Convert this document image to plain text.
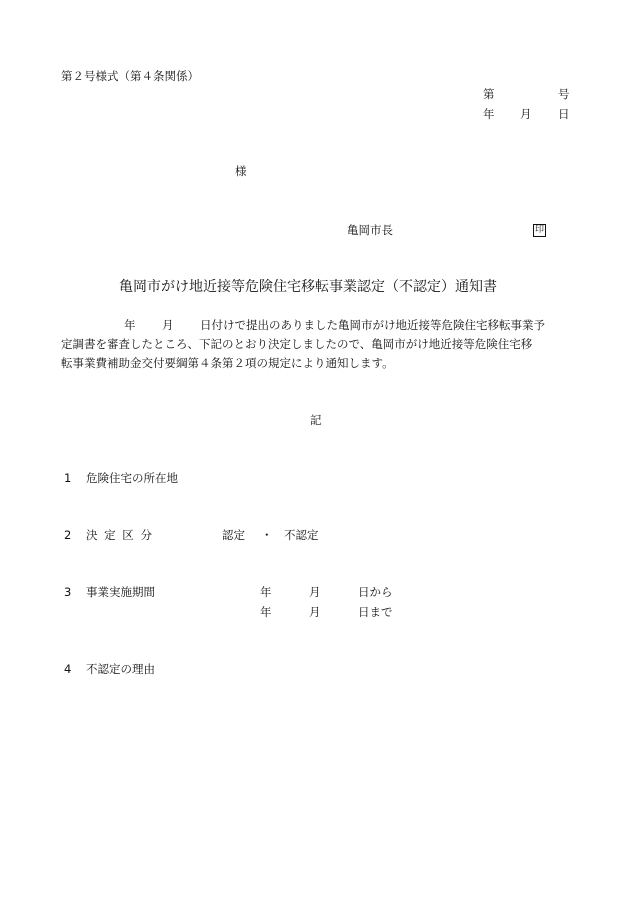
第２号様式（第４条関係）
第	号
年 月 日
様
亀岡市長	印
亀岡市がけ地近接等危険住宅移転事業認定（不認定）通知書
年 月 日付けで提出のありました亀岡市がけ地近接等危険住宅移転事業予
定調書を審査したところ、下記のとおり決定しましたので、亀岡市がけ地近接等危険住宅移
転事業費補助金交付要綱第４条第２項の規定により通知します。
記
1 危険住宅の所在地
2 決 定 区 分	認定 ・ 不認定
3 事業実施期間	年	月	日から
年	月	日まで
4 不認定の理由
